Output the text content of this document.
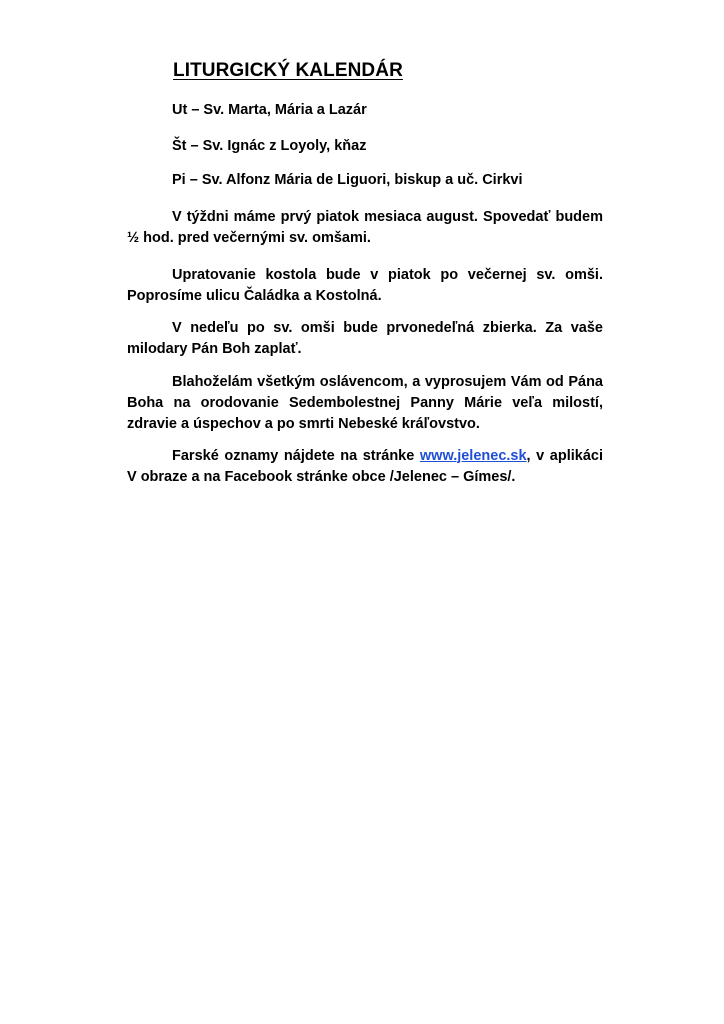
LITURGICKÝ KALENDÁR
Ut – Sv. Marta, Mária a Lazár
Št – Sv. Ignác z Loyoly, kňaz
Pi – Sv. Alfonz Mária de Liguori, biskup a uč. Cirkvi

V týždni máme prvý piatok mesiaca august. Spovedať budem ½ hod. pred večernými sv. omšami.

Upratovanie kostola bude v piatok po večernej sv. omši. Poprosíme ulicu Čaládka a Kostolná.

V nedeľu po sv. omši bude prvonedeľná zbierka. Za vaše milodary Pán Boh zaplať.

Blahoželám všetkým oslávencom, a vyprosujem Vám od Pána Boha na orodovanie Sedembolestnej Panny Márie veľa milostí, zdravie a úspechov a po smrti Nebeské kráľovstvo.

Farské oznamy nájdete na stránke www.jelenec.sk, v aplikáci V obraze a na Facebook stránke obce /Jelenec – Gímes/.
